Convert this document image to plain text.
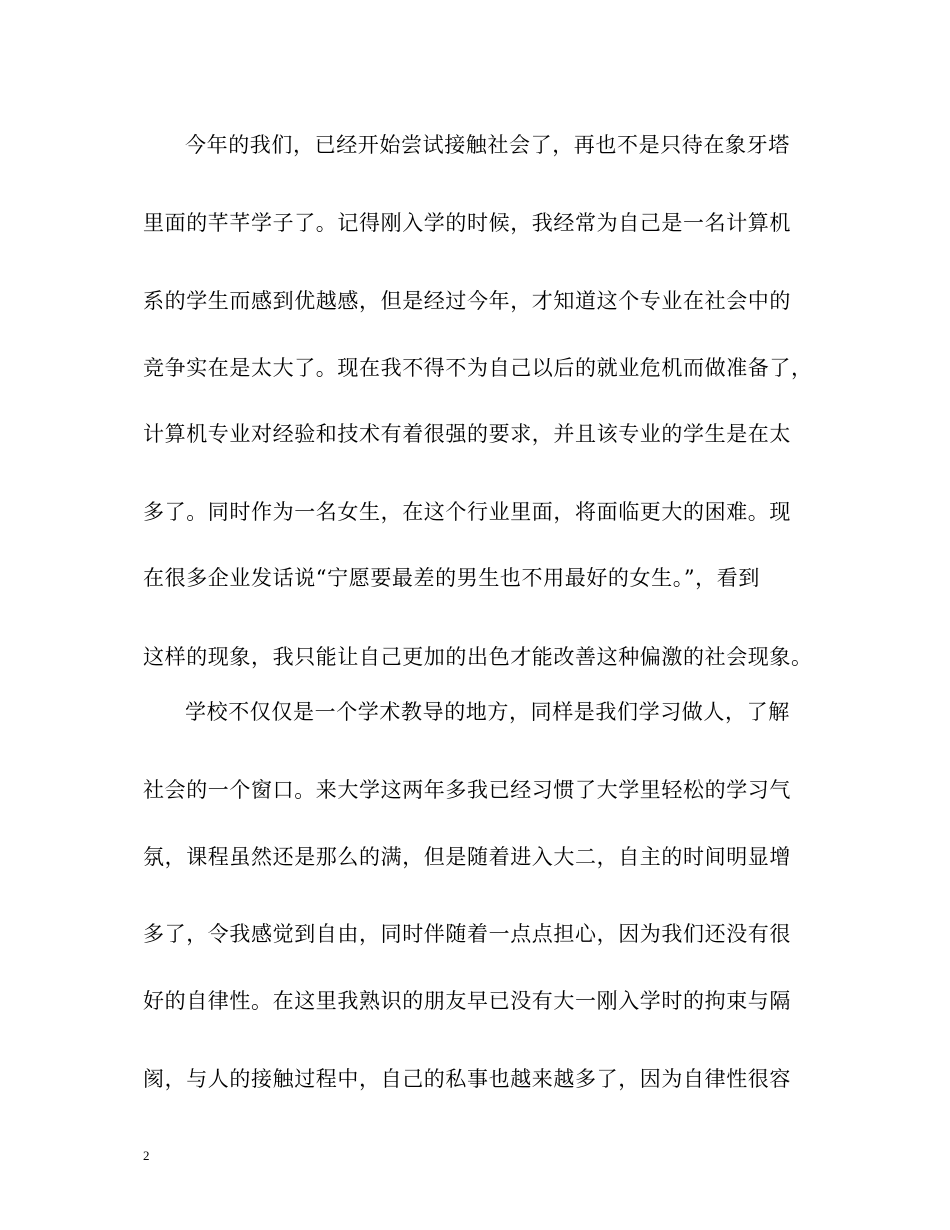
今年的我们，已经开始尝试接触社会了，再也不是只待在象牙塔
里面的芊芊学子了。记得刚入学的时候，我经常为自己是一名计算机
系的学生而感到优越感，但是经过今年，才知道这个专业在社会中的
竞争实在是太大了。现在我不得不为自己以后的就业危机而做准备了，
计算机专业对经验和技术有着很强的要求，并且该专业的学生是在太
多了。同时作为一名女生，在这个行业里面，将面临更大的困难。现
在很多企业发话说“宁愿要最差的男生也不用最好的女生。”，看到
这样的现象，我只能让自己更加的出色才能改善这种偏激的社会现象。
学校不仅仅是一个学术教导的地方，同样是我们学习做人，了解
社会的一个窗口。来大学这两年多我已经习惯了大学里轻松的学习气
氛，课程虽然还是那么的满，但是随着进入大二，自主的时间明显增
多了，令我感觉到自由，同时伴随着一点点担心，因为我们还没有很
好的自律性。在这里我熟识的朋友早已没有大一刚入学时的拘束与隔
阂，与人的接触过程中，自己的私事也越来越多了，因为自律性很容
2
